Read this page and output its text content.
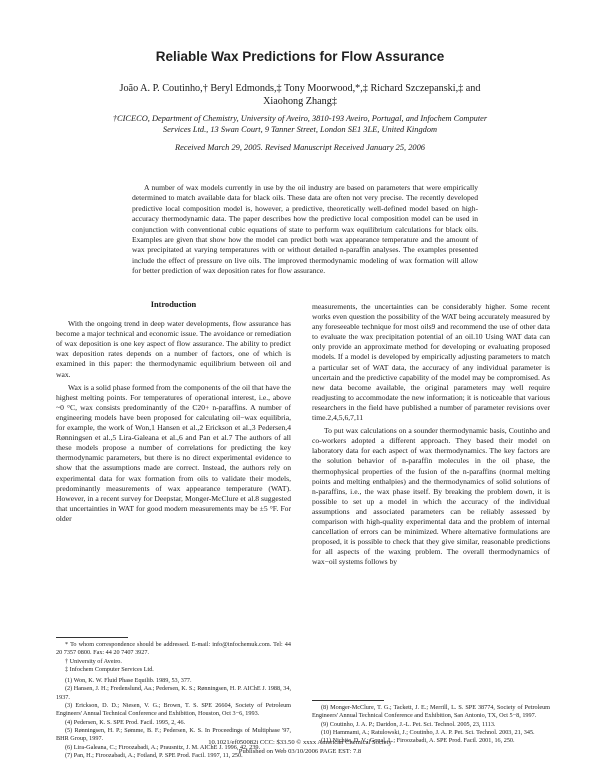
Reliable Wax Predictions for Flow Assurance
João A. P. Coutinho,† Beryl Edmonds,‡ Tony Moorwood,*,‡ Richard Szczepanski,‡ and Xiaohong Zhang‡
†CICECO, Department of Chemistry, University of Aveiro, 3810-193 Aveiro, Portugal, and Infochem Computer Services Ltd., 13 Swan Court, 9 Tanner Street, London SE1 3LE, United Kingdom
Received March 29, 2005. Revised Manuscript Received January 25, 2006
A number of wax models currently in use by the oil industry are based on parameters that were empirically determined to match available data for black oils. These data are often not very precise. The recently developed predictive local composition model is, however, a predictive, theoretically well-defined model based on high-accuracy thermodynamic data. The paper describes how the predictive local composition model can be used in conjunction with conventional cubic equations of state to perform wax equilibrium calculations for black oils. Examples are given that show how the model can predict both wax appearance temperature and the amount of wax precipitated at varying temperatures with or without detailed n-paraffin analyses. The examples presented include the effect of pressure on live oils. The improved thermodynamic modeling of wax formation will allow for better prediction of wax deposition rates for flow assurance.
Introduction

With the ongoing trend in deep water developments, flow assurance has become a major technical and economic issue. The avoidance or remediation of wax deposition is one key aspect of flow assurance. The ability to predict wax deposition rates depends on a number of factors, one of which is examined in this paper: the thermodynamic equilibrium between oil and wax.

Wax is a solid phase formed from the components of the oil that have the highest melting points. For temperatures of operational interest, i.e., above ~0 °C, wax consists predominantly of the C20+ n-paraffins. A number of engineering models have been proposed for calculating oil−wax equilibria, for example, the work of Won,1 Hansen et al.,2 Erickson et al.,3 Pedersen,4 Rønningsen et al.,5 Lira-Galeana et al.,6 and Pan et al.7 The authors of all these models propose a number of correlations for predicting the key thermodynamic parameters, but there is no direct experimental evidence to show that the assumptions made are correct. Instead, the authors rely on experimental data for wax formation from oils to validate their models, predominantly measurements of wax appearance temperature (WAT). However, in a recent survey for Deepstar, Monger-McClure et al.8 suggested that uncertainties in WAT for good modern measurements may be ±5 °F. For older

measurements, the uncertainties can be considerably higher. Some recent works even question the possibility of the WAT being accurately measured by any foreseeable technique for most oils9 and recommend the use of other data to evaluate the wax precipitation potential of an oil.10 Using WAT data can only provide an approximate method for developing or evaluating proposed models. If a model is developed by empirically adjusting parameters to match a particular set of WAT data, the accuracy of any individual parameter is uncertain and the predictive capability of the model may be compromised. As new data become available, the original parameters may well require readjusting to accommodate the new information; it is noticeable that various researchers in the field have published a number of parameter revisions over time.2,4,5,6,7,11

To put wax calculations on a sounder thermodynamic basis, Coutinho and co-workers adopted a different approach. They based their model on laboratory data for each aspect of wax thermodynamics. The key factors are the solution behavior of n-paraffin molecules in the oil phase, the thermophysical properties of the fusion of the n-paraffins (normal melting points and melting enthalpies) and the thermodynamics of solid solutions of n-paraffins, i.e., the wax phase itself. By breaking the problem down, it is possible to set up a model in which the accuracy of the individual assumptions and associated parameters can be reliably assessed by comparison with high-quality experimental data and the problem of internal cancellation of errors can be minimized. Where alternative formulations are proposed, it is possible to check that they give similar, reasonable predictions for all aspects of the waxing problem. The overall thermodynamics of wax−oil systems follows by

* To whom correspondence should be addressed. E-mail: info@infochemuk.com. Tel: 44 20 7357 0800. Fax: 44 20 7407 3927.

† University of Aveiro.

‡ Infochem Computer Services Ltd.

(1) Won, K. W. Fluid Phase Equilib. 1989, 53, 377.

(2) Hansen, J. H.; Fredenslund, Aa.; Pedersen, K. S.; Rønningsen, H. P. AIChE J. 1988, 34, 1937.

(3) Erickson, D. D.; Niesen, V. G.; Brown, T. S. SPE 26604, Society of Petroleum Engineers' Annual Technical Conference and Exhibition, Houston, Oct 3−6, 1993.

(4) Pedersen, K. S. SPE Prod. Facil. 1995, 2, 46.

(5) Rønningsen, H. P.; Sømme, B. F.; Pedersen, K. S. In Proceedings of Multiphase '97, BHR Group, 1997.

(6) Lira-Galeana, C.; Firoozabadi, A.; Prausnitz, J. M. AIChE J. 1996, 42, 239.

(7) Pan, H.; Firoozabadi, A.; Fotland, P. SPE Prod. Facil. 1997, 11, 250.

(8) Monger-McClure, T. G.; Tackett, J. E.; Merrill, L. S. SPE 38774, Society of Petroleum Engineers' Annual Technical Conference and Exhibition, San Antonio, TX, Oct 5−8, 1997.

(9) Coutinho, J. A. P.; Daridon, J.-L. Pet. Sci. Technol. 2005, 23, 1113.

(10) Hammami, A.; Ratulowski, J.; Coutinho, J. A. P. Pet. Sci. Technol. 2003, 21, 345.

(11) Nichita, D. V.; Goual, L.; Firoozabadi, A. SPE Prod. Facil. 2001, 16, 250.

10.1021/ef050082i CCC: $33.50 © xxxx American Chemical Society
Published on Web 03/10/2006 PAGE EST: 7.8
